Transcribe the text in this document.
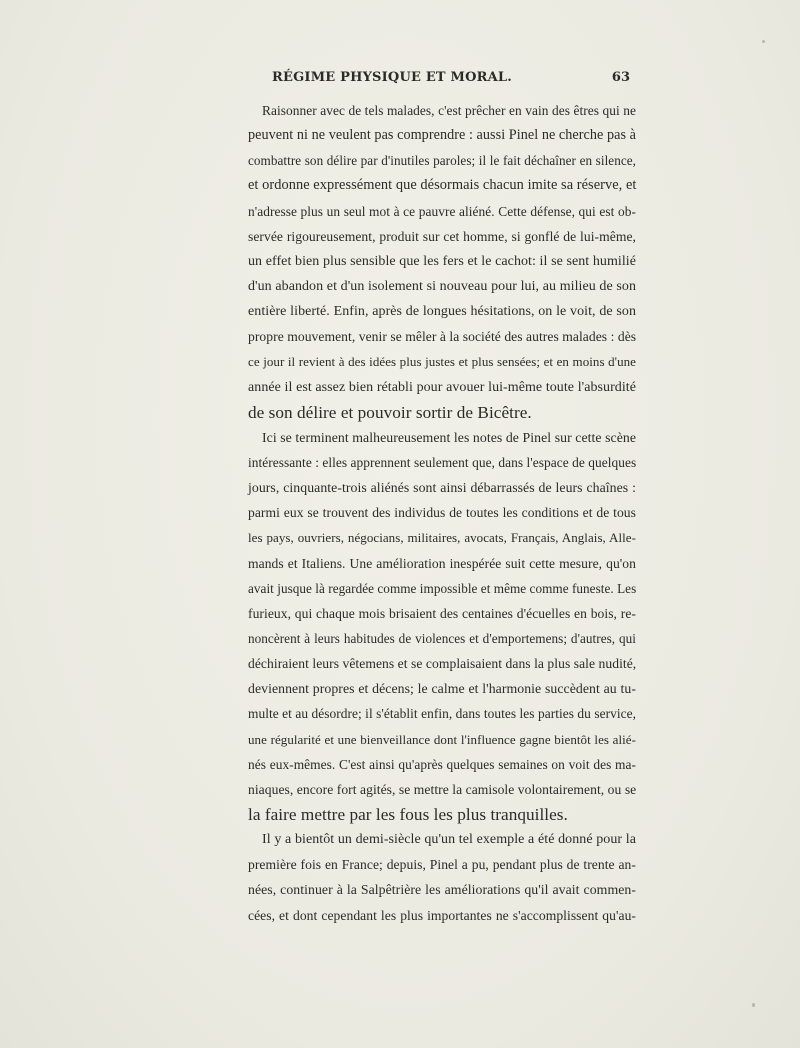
RÉGIME PHYSIQUE ET MORAL.	63
Raisonner avec de tels malades, c'est prêcher en vain des êtres qui ne
peuvent ni ne veulent pas comprendre : aussi Pinel ne cherche pas à
combattre son délire par d'inutiles paroles; il le fait déchaîner en silence,
et ordonne expressément que désormais chacun imite sa réserve, et
n'adresse plus un seul mot à ce pauvre aliéné. Cette défense, qui est ob-
servée rigoureusement, produit sur cet homme, si gonflé de lui-même,
un effet bien plus sensible que les fers et le cachot: il se sent humilié
d'un abandon et d'un isolement si nouveau pour lui, au milieu de son
entière liberté. Enfin, après de longues hésitations, on le voit, de son
propre mouvement, venir se mêler à la société des autres malades : dès
ce jour il revient à des idées plus justes et plus sensées; et en moins d'une
année il est assez bien rétabli pour avouer lui-même toute l'absurdité
de son délire et pouvoir sortir de Bicêtre.
Ici se terminent malheureusement les notes de Pinel sur cette scène
intéressante : elles apprennent seulement que, dans l'espace de quelques
jours, cinquante-trois aliénés sont ainsi débarrassés de leurs chaînes :
parmi eux se trouvent des individus de toutes les conditions et de tous
les pays, ouvriers, négocians, militaires, avocats, Français, Anglais, Alle-
mands et Italiens. Une amélioration inespérée suit cette mesure, qu'on
avait jusque là regardée comme impossible et même comme funeste. Les
furieux, qui chaque mois brisaient des centaines d'écuelles en bois, re-
noncèrent à leurs habitudes de violences et d'emportemens; d'autres, qui
déchiraient leurs vêtemens et se complaisaient dans la plus sale nudité,
deviennent propres et décens; le calme et l'harmonie succèdent au tu-
multe et au désordre; il s'établit enfin, dans toutes les parties du service,
une régularité et une bienveillance dont l'influence gagne bientôt les alié-
nés eux-mêmes. C'est ainsi qu'après quelques semaines on voit des ma-
niaques, encore fort agités, se mettre la camisole volontairement, ou se
la faire mettre par les fous les plus tranquilles.
Il y a bientôt un demi-siècle qu'un tel exemple a été donné pour la
première fois en France; depuis, Pinel a pu, pendant plus de trente an-
nées, continuer à la Salpêtrière les améliorations qu'il avait commen-
cées, et dont cependant les plus importantes ne s'accomplissent qu'au-
